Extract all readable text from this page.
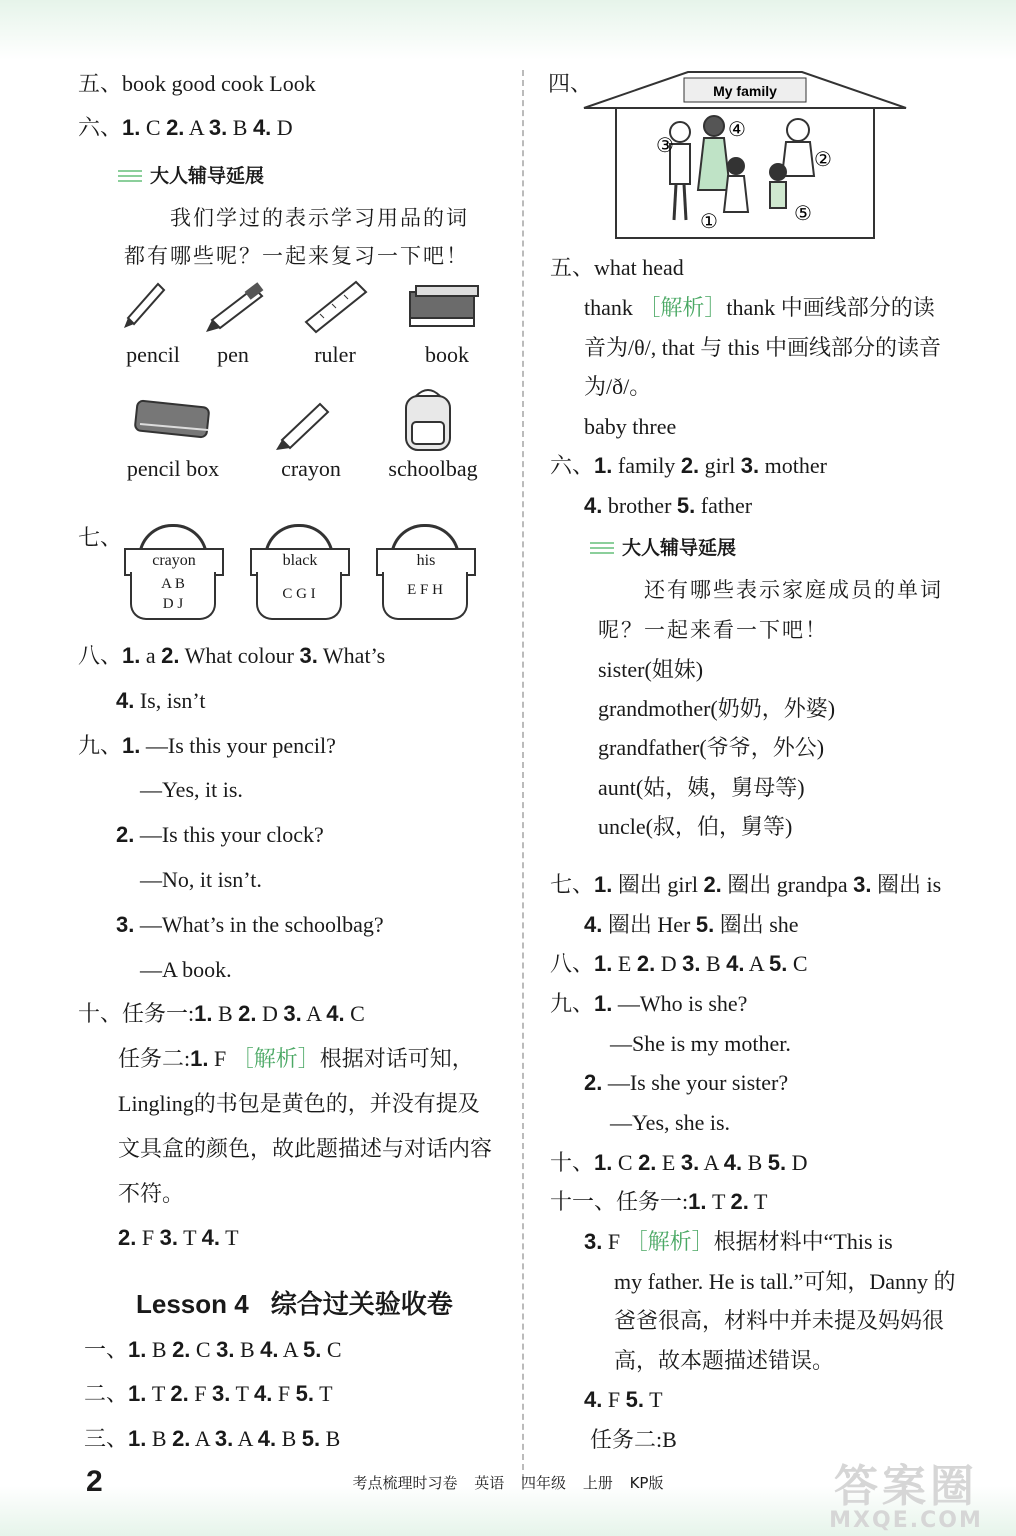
五、book good cook Look
六、1. C 2. A 3. B 4. D
大人辅导延展
我们学过的表示学习用品的词
都有哪些呢？一起来复习一下吧！
pencil	pen	ruler	book
pencil box	crayon	schoolbag
七、
crayon
A B
D J
black
C G I
his
E F H
八、1. a 2. What colour 3. What’s
4. Is, isn’t
九、1. —Is this your pencil?
—Yes, it is.
2. —Is this your clock?
—No, it isn’t.
3. —What’s in the schoolbag?
—A book.
十、任务一:1. B 2. D 3. A 4. C
任务二:1. F ［解析］根据对话可知，
Lingling的书包是黄色的，并没有提及
文具盒的颜色，故此题描述与对话内容
不符。
2. F 3. T 4. T
Lesson 4 综合过关验收卷
一、1. B 2. C 3. B 4. A 5. C
二、1. T 2. F 3. T 4. F 5. T
三、1. B 2. A 3. A 4. B 5. B
四、	My family
③
④
②
①	⑤
五、what head
thank ［解析］thank 中画线部分的读
音为/θ/, that 与 this 中画线部分的读音
为/ð/。
baby three
六、1. family 2. girl 3. mother
4. brother 5. father
大人辅导延展
还有哪些表示家庭成员的单词
呢？一起来看一下吧！
sister(姐妹)
grandmother(奶奶，外婆)
grandfather(爷爷，外公)
aunt(姑，姨，舅母等)
uncle(叔，伯，舅等)
七、1. 圈出 girl 2. 圈出 grandpa 3. 圈出 is
4. 圈出 Her 5. 圈出 she
八、1. E 2. D 3. B 4. A 5. C
九、1. —Who is she?
—She is my mother.
2. —Is she your sister?
—Yes, she is.
十、1. C 2. E 3. A 4. B 5. D
十一、任务一:1. T 2. T
3. F ［解析］根据材料中“This is
my father. He is tall.”可知，Danny 的
爸爸很高，材料中并未提及妈妈很
高，故本题描述错误。
4. F 5. T
任务二:B
2	考点梳理时习卷 英语 四年级 上册 KP版	答案圈
MXQE.COM
